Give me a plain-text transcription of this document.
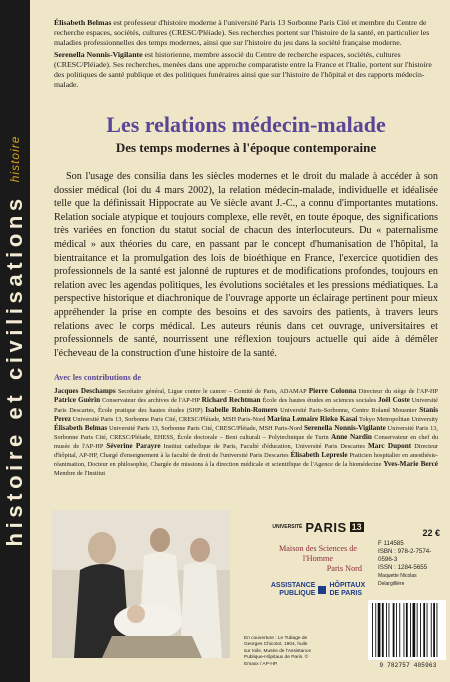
histoire et civilisations
histoire

Élisabeth Belmas est professeur d'histoire moderne à l'université Paris 13 Sorbonne Paris Cité et membre du Centre de recherche espaces, sociétés, cultures (CRESC/Pléiade). Ses recherches portent sur l'histoire de la santé, en particulier les maladies professionnelles des temps modernes, ainsi que sur l'histoire du jeu dans la société française moderne.

Serenella Nonnis-Vigilante est historienne, membre associé du Centre de recherche espaces, sociétés, cultures (CRESC/Pléiade). Ses recherches, menées dans une approche comparatiste entre la France et l'Italie, portent sur l'histoire des politiques de santé publique et des politiques funéraires ainsi que sur l'histoire de l'hôpital et des rapports médecin-malade.

Les relations médecin-malade
Des temps modernes à l'époque contemporaine
Son l'usage des consilia dans les siècles modernes et le droit du malade à accéder à son dossier médical (loi du 4 mars 2002), la relation médecin-malade, individuelle et idéalisée telle que la définissait Hippocrate au Ve siècle avant J.-C., a connu d'importantes mutations. Relation sociale atypique et toujours complexe, elle revêt, en toute époque, des significations très variées en fonction du statut social de chacun des interlocuteurs. Du « paternalisme médical » aux théories du care, en passant par le concept d'humanisation de l'hôpital, la bientraitance et la promulgation des lois de bioéthique en France, l'exercice quotidien des professionnels de la santé est jalonné de ruptures et de modifications profondes, toujours en relation avec les agendas politiques, les évolutions sociétales et les pressions médiatiques. La perspective historique et diachronique de l'ouvrage apporte un éclairage pertinent pour mieux appréhender la prise en compte des besoins et des savoirs des patients, à travers leurs relations avec le corps médical. Les auteurs réunis dans cet ouvrage, universitaires et professionnels de santé, nourrissent une réflexion toujours actuelle qui aide à démêler l'écheveau de la construction d'une histoire de la santé.
Avec les contributions de
Jacques Deschamps Secrétaire général, Ligue contre le cancer – Comité de Paris, ADAMAP Pierre Colonna Directeur du siège de l'AP-HP Patrice Guérin Conservateur des archives de l'AP-HP Richard Rechtman École des hautes études en sciences sociales Joël Coste Université Paris Descartes, École pratique des hautes études (SHP) Isabelle Robin-Romero Université Paris-Sorbonne, Centre Roland Mousnier Stanis Perez Université Paris 13, Sorbonne Paris Cité, CRESC/Pléiade, MSH Paris-Nord Marina Lemaire Rieko Kasai Tokyo Metropolitan University Élisabeth Belmas Université Paris 13, Sorbonne Paris Cité, CRESC/Pléiade, MSH Paris-Nord Serenella Nonnis-Vigilante Université Paris 13, Sorbonne Paris Cité, CRESC/Pléiade, EHESS, École doctorale – Beni culturali – Polytechnique de Turin Anne Nardin Conservateur en chef du musée de l'AP-HP Séverine Parayre Institut catholique de Paris, Faculté d'éducation, Université Paris Descartes Marc Dupont Directeur d'hôpital, AP-HP, Chargé d'enseignement à la faculté de droit de l'université Paris Descartes Élisabeth Lepresle Praticien hospitalier en anesthésie-réanimation, Docteur en philosophie, Chargée de missions à la direction médicale et scientifique de l'Agence de la biomédecine Yves-Marie Bercé Membre de l'Institut
En couverture : Le Tubage de Georges Chicotot, 1904, huile sur toile, Musée de l'Assistance Publique-Hôpitaux de Paris. © Emaxx / AP-HP.
UNIVERSITÉ PARIS 13
Maison des Sciences de l'Homme
Paris Nord
ASSISTANCE
PUBLIQUE
HÔPITAUX
DE PARIS
22 €
F 114585
ISBN : 978-2-7574-0596-3
ISSN : 1284-5655
Maquette Nicolas Delargillière
9 782757 405963
